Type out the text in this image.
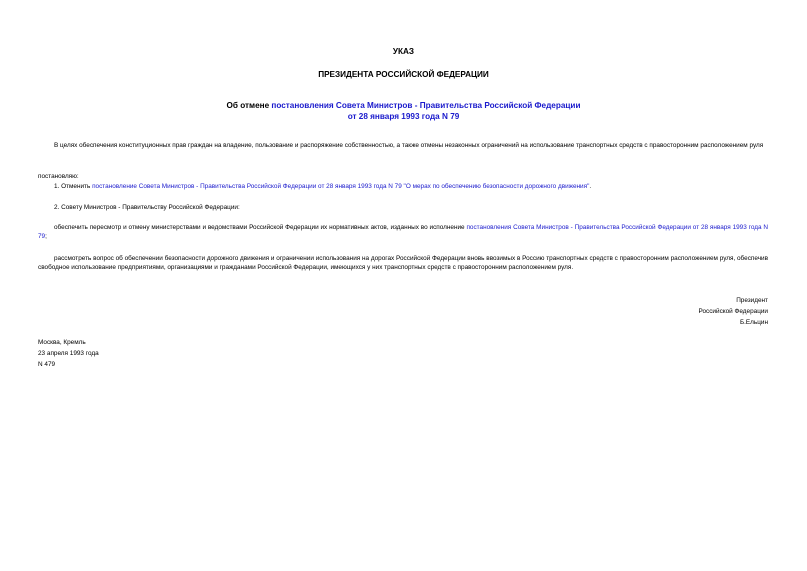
УКАЗ
ПРЕЗИДЕНТА РОССИЙСКОЙ ФЕДЕРАЦИИ
Об отмене постановления Совета Министров - Правительства Российской Федерации
от 28 января 1993 года N 79
В целях обеспечения конституционных прав граждан на владение, пользование и распоряжение собственностью, а также отмены незаконных ограничений на использование транспортных средств с правосторонним расположением руля
постановляю:
1. Отменить постановление Совета Министров - Правительства Российской Федерации от 28 января 1993 года N 79 "О мерах по обеспечению безопасности дорожного движения".
2. Совету Министров - Правительству Российской Федерации:
обеспечить пересмотр и отмену министерствами и ведомствами Российской Федерации их нормативных актов, изданных во исполнение постановления Совета Министров - Правительства Российской Федерации от 28 января 1993 года N 79;
рассмотреть вопрос об обеспечении безопасности дорожного движения и ограничении использования на дорогах Российской Федерации вновь ввозимых в Россию транспортных средств с правосторонним расположением руля, обеспечив свободное использование предприятиями, организациями и гражданами Российской Федерации, имеющихся у них транспортных средств с правосторонним расположением руля.

Президент

Российской Федерации

Б.Ельцин

Москва, Кремль

23 апреля 1993 года

N 479
